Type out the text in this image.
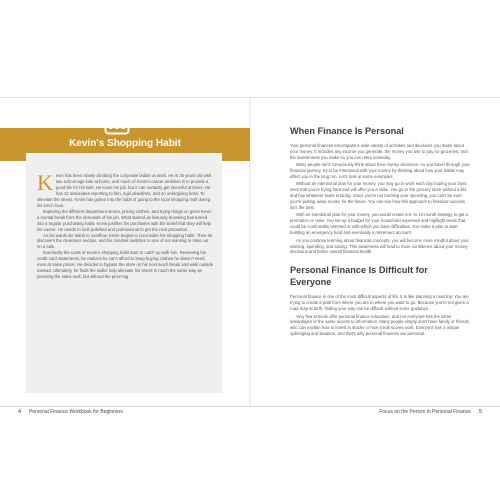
Kevin's Shopping Habit

Kevin has been slowly climbing the corporate ladder at work. He is 35 years old with two school-age kids at home, and much of Kevin's career ambition is to provide a good life for his kids. He loves his job, but it can certainly get stressful at times. He has 12 associates reporting to him, rigid deadlines, and an unforgiving boss. To alleviate the stress, Kevin has gotten into the habit of going to the local shopping mall during his lunch hour.

Exploring the different department stores, pricing clothes, and trying things on gives Kevin a mental break from the demands of his job. What started as leisurely browsing has turned into a regular purchasing habit. Kevin justifies his purchases with the belief that they will help his career. He needs to look polished and professional to get the next promotion.

As his wardrobe starts to overflow, Kevin begins to reconsider his shopping habit. Then he discovers the clearance section, and his mindset switches to one of not wanting to miss out on a sale.

Eventually the costs of Kevin's shopping habit start to catch up with him. Reviewing his credit card statements, he realizes he can't afford to keep buying clothes he doesn't need, even at sales prices. He decides to bypass the store on his next lunch break and walk outside instead. Ultimately, he finds the walks help alleviate his stress in much the same way as perusing the sales rack, but without the price tag.

When Finance Is Personal

Your personal finances encompass a wide variety of activities and decisions you make about your money. It includes any income you generate, the money you use to pay for groceries, and the investments you make so you can retire someday.

Many people don't consciously think about their money decisions. As you travel through your financial journey, try to be intentional with your money by thinking about how your habits may affect you in the long run. Let's look at some examples.

Without an intentional plan for your money, you may go to work each day hoping your boss sees that you're trying hard and will offer you a raise. You go to the grocery store without a list and buy whatever looks enticing. Since you're not tracking your spending, you can't be sure you're putting away money for the future. You can see how this approach to financial success isn't the best.

With an intentional plan for your money, you would create a 6- to 12-month strategy to get a promotion or raise. You set up a budget for your household expenses and highlight areas that could be comfortably trimmed or with which you have difficulties. You make a plan to start building an emergency fund and eventually a retirement account.

As you continue learning about financial concepts, you will become more mindful about your earning, spending, and saving. This awareness will lead to more confidence about your money decisions and better overall financial health.

Personal Finance Is Difficult for Everyone

Personal finance is one of the most difficult aspects of life. It is like planning a road trip: You are trying to create a path from where you are to where you want to go. Because you're not given a road map at birth, finding your way can be difficult without some guidance.

Very few schools offer personal finance education, and not everyone has the same advantages or the same access to information. Many people simply don't have family or friends who can explain how to invest in stocks or how credit scores work. Everyone has a unique upbringing and situation, and that's why personal finances are personal.

4 Personal Finance Workbook for Beginners	Focus on the Person in Personal Finance 5
